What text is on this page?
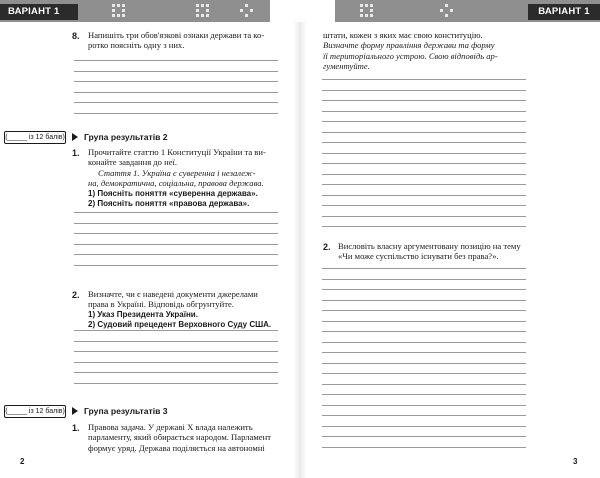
ВАРІАНТ 1	ВАРІАНТ 1
8. Напишіть три обов'язкові ознаки держави та ко-

ротко поясніть одну з них.

(_____ із 12 балів)	Група результатів 2
1. Прочитайте статтю 1 Конституції України та ви-

конайте завдання до неї.

Стаття 1. Україна є суверенна і незалеж-

на, демократична, соціальна, правова держава.

1) Поясніть поняття «суверенна держава».

2) Поясніть поняття «правова держава».

2. Визначте, чи є наведені документи джерелами

права в Україні. Відповідь обгрунтуйте.

1) Указ Президента України.

2) Судовий прецедент Верховного Суду США.

(_____ із 12 балів)	Група результатів 3
1. Правова задача. У державі X влада належить

парламенту, який обирається народом. Парламент

формує уряд. Держава поділяється на автономні

2

штати, кожен з яких має свою конституцію.

Визначте форму правління держави та форму

її територіального устрою. Свою відповідь ар-

гументуйте.

2. Висловіть власну аргументовану позицію на тему

«Чи може суспільство існувати без права?».

3
